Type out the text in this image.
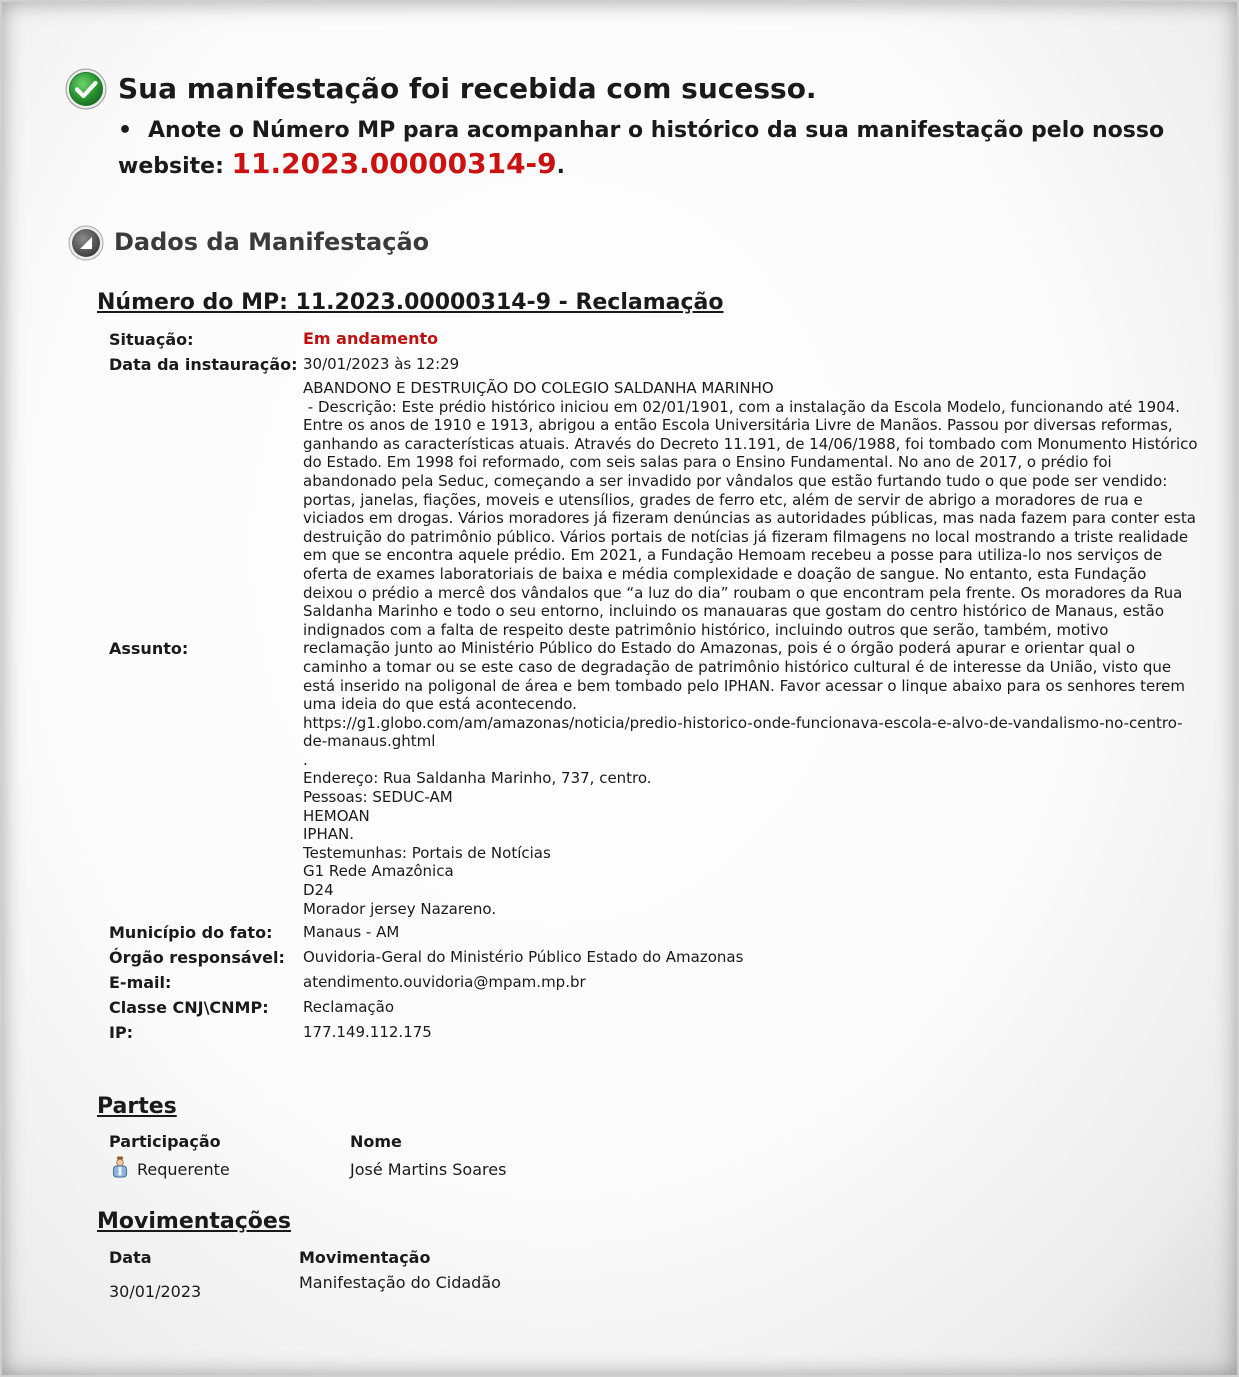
Sua manifestação foi recebida com sucesso.
• Anote o Número MP para acompanhar o histórico da sua manifestação pelo nosso website: 11.2023.00000314-9.
Dados da Manifestação
Número do MP: 11.2023.00000314-9 - Reclamação
Situação:	Em andamento
Data da instauração: 30/01/2023 às 12:29
Assunto:
ABANDONO E DESTRUIÇÃO DO COLEGIO SALDANHA MARINHO
- Descrição: Este prédio histórico iniciou em 02/01/1901, com a instalação da Escola Modelo, funcionando até 1904. Entre os anos de 1910 e 1913, abrigou a então Escola Universitária Livre de Manãos. Passou por diversas reformas, ganhando as características atuais. Através do Decreto 11.191, de 14/06/1988, foi tombado com Monumento Histórico do Estado. Em 1998 foi reformado, com seis salas para o Ensino Fundamental. No ano de 2017, o prédio foi abandonado pela Seduc, começando a ser invadido por vândalos que estão furtando tudo o que pode ser vendido: portas, janelas, fiações, moveis e utensílios, grades de ferro etc, além de servir de abrigo a moradores de rua e viciados em drogas. Vários moradores já fizeram denúncias as autoridades públicas, mas nada fazem para conter esta destruição do patrimônio público. Vários portais de notícias já fizeram filmagens no local mostrando a triste realidade em que se encontra aquele prédio. Em 2021, a Fundação Hemoam recebeu a posse para utiliza-lo nos serviços de oferta de exames laboratoriais de baixa e média complexidade e doação de sangue. No entanto, esta Fundação deixou o prédio a mercê dos vândalos que “a luz do dia” roubam o que encontram pela frente. Os moradores da Rua Saldanha Marinho e todo o seu entorno, incluindo os manauaras que gostam do centro histórico de Manaus, estão indignados com a falta de respeito deste patrimônio histórico, incluindo outros que serão, também, motivo reclamação junto ao Ministério Público do Estado do Amazonas, pois é o órgão poderá apurar e orientar qual o caminho a tomar ou se este caso de degradação de patrimônio histórico cultural é de interesse da União, visto que está inserido na poligonal de área e bem tombado pelo IPHAN. Favor acessar o linque abaixo para os senhores terem uma ideia do que está acontecendo.
https://g1.globo.com/am/amazonas/noticia/predio-historico-onde-funcionava-escola-e-alvo-de-vandalismo-no-centro-de-manaus.ghtml
.
Endereço: Rua Saldanha Marinho, 737, centro.
Pessoas: SEDUC-AM
HEMOAN
IPHAN.
Testemunhas: Portais de Notícias
G1 Rede Amazônica
D24
Morador jersey Nazareno.
Município do fato:	Manaus - AM
Órgão responsável:	Ouvidoria-Geral do Ministério Público Estado do Amazonas
E-mail:	atendimento.ouvidoria@mpam.mp.br
Classe CNJ\CNMP:	Reclamação
IP:	177.149.112.175
Partes
Participação	Nome
Requerente	José Martins Soares
Movimentações
Data	Movimentação
30/01/2023	Manifestação do Cidadão
